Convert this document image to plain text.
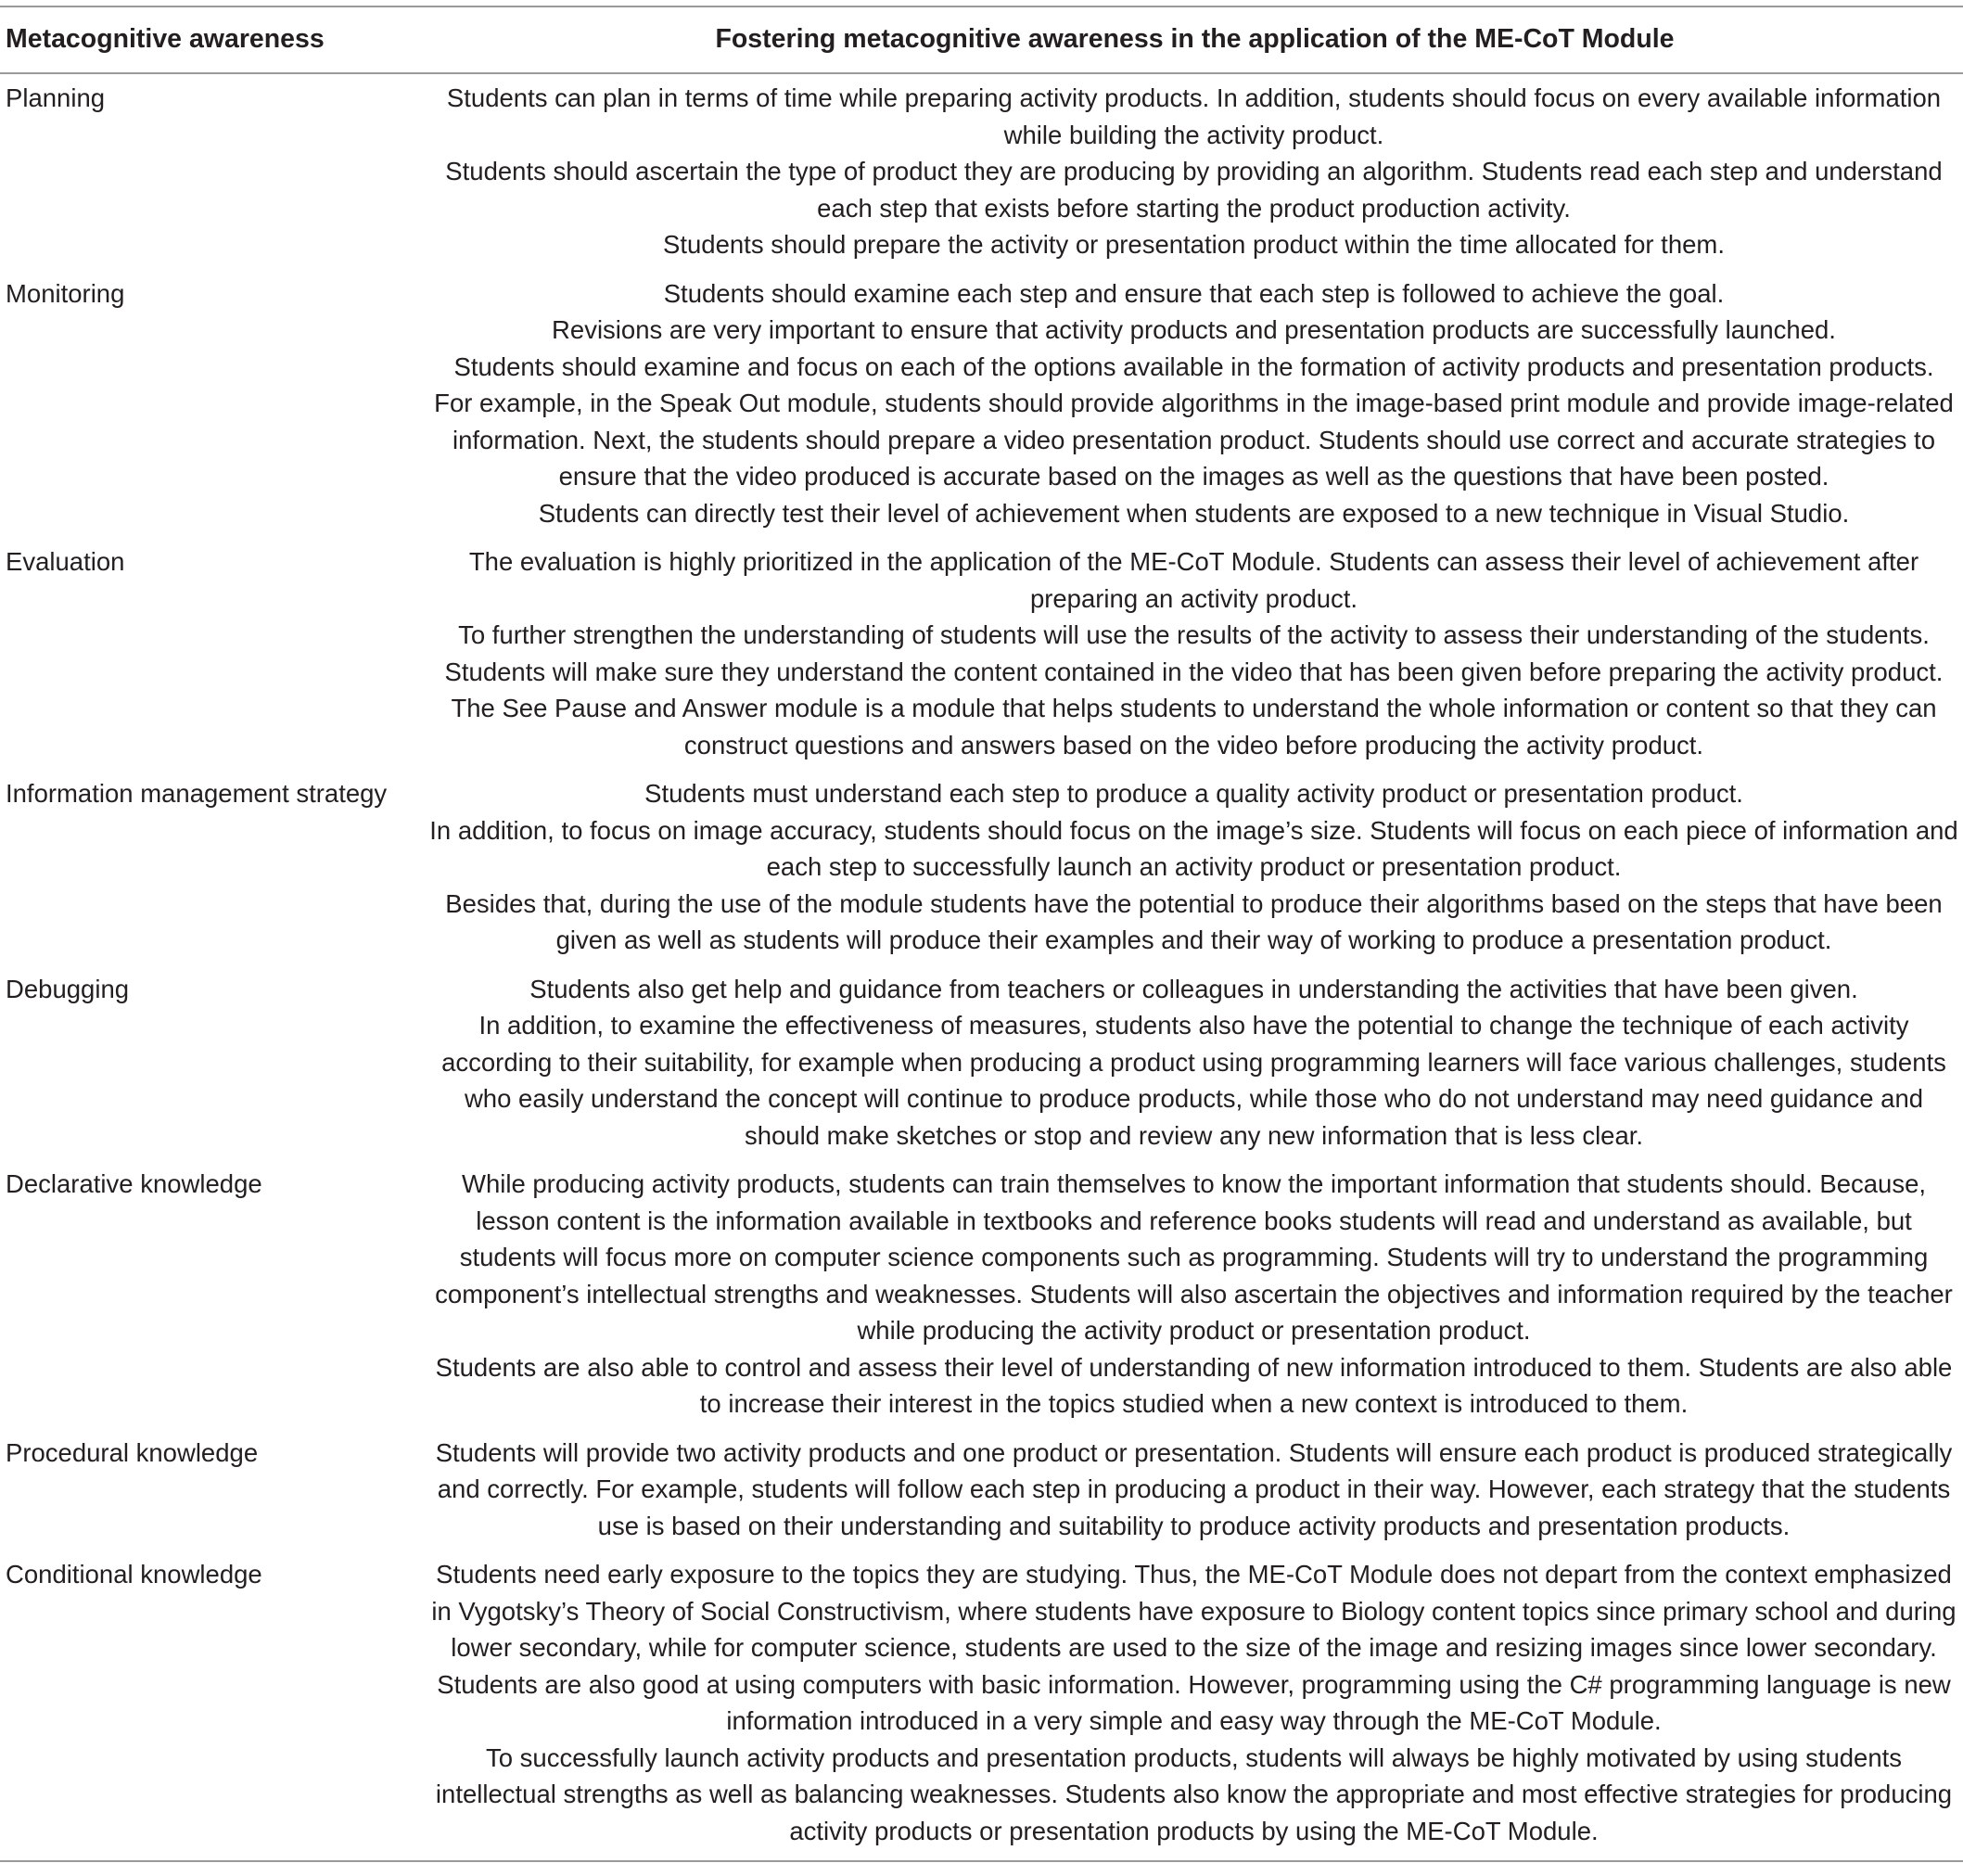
Metacognitive awareness	Fostering metacognitive awareness in the application of the ME-CoT Module
Planning	Students can plan in terms of time while preparing activity products. In addition, students should focus on every available information while building the activity product.
Students should ascertain the type of product they are producing by providing an algorithm. Students read each step and understand each step that exists before starting the product production activity.
Students should prepare the activity or presentation product within the time allocated for them.

Monitoring	Students should examine each step and ensure that each step is followed to achieve the goal.
Revisions are very important to ensure that activity products and presentation products are successfully launched.
Students should examine and focus on each of the options available in the formation of activity products and presentation products.
For example, in the Speak Out module, students should provide algorithms in the image-based print module and provide image-related information. Next, the students should prepare a video presentation product. Students should use correct and accurate strategies to ensure that the video produced is accurate based on the images as well as the questions that have been posted.
Students can directly test their level of achievement when students are exposed to a new technique in Visual Studio.

Evaluation	The evaluation is highly prioritized in the application of the ME-CoT Module. Students can assess their level of achievement after preparing an activity product.
To further strengthen the understanding of students will use the results of the activity to assess their understanding of the students. Students will make sure they understand the content contained in the video that has been given before preparing the activity product. The See Pause and Answer module is a module that helps students to understand the whole information or content so that they can construct questions and answers based on the video before producing the activity product.

Information management strategy	Students must understand each step to produce a quality activity product or presentation product.
In addition, to focus on image accuracy, students should focus on the image’s size. Students will focus on each piece of information and each step to successfully launch an activity product or presentation product.
Besides that, during the use of the module students have the potential to produce their algorithms based on the steps that have been given as well as students will produce their examples and their way of working to produce a presentation product.

Debugging	Students also get help and guidance from teachers or colleagues in understanding the activities that have been given.
In addition, to examine the effectiveness of measures, students also have the potential to change the technique of each activity according to their suitability, for example when producing a product using programming learners will face various challenges, students who easily understand the concept will continue to produce products, while those who do not understand may need guidance and should make sketches or stop and review any new information that is less clear.

Declarative knowledge	While producing activity products, students can train themselves to know the important information that students should. Because, lesson content is the information available in textbooks and reference books students will read and understand as available, but students will focus more on computer science components such as programming. Students will try to understand the programming component’s intellectual strengths and weaknesses. Students will also ascertain the objectives and information required by the teacher while producing the activity product or presentation product.
Students are also able to control and assess their level of understanding of new information introduced to them. Students are also able to increase their interest in the topics studied when a new context is introduced to them.

Procedural knowledge	Students will provide two activity products and one product or presentation. Students will ensure each product is produced strategically and correctly. For example, students will follow each step in producing a product in their way. However, each strategy that the students use is based on their understanding and suitability to produce activity products and presentation products.

Conditional knowledge	Students need early exposure to the topics they are studying. Thus, the ME-CoT Module does not depart from the context emphasized in Vygotsky’s Theory of Social Constructivism, where students have exposure to Biology content topics since primary school and during lower secondary, while for computer science, students are used to the size of the image and resizing images since lower secondary. Students are also good at using computers with basic information. However, programming using the C# programming language is new information introduced in a very simple and easy way through the ME-CoT Module.
To successfully launch activity products and presentation products, students will always be highly motivated by using students intellectual strengths as well as balancing weaknesses. Students also know the appropriate and most effective strategies for producing activity products or presentation products by using the ME-CoT Module.
